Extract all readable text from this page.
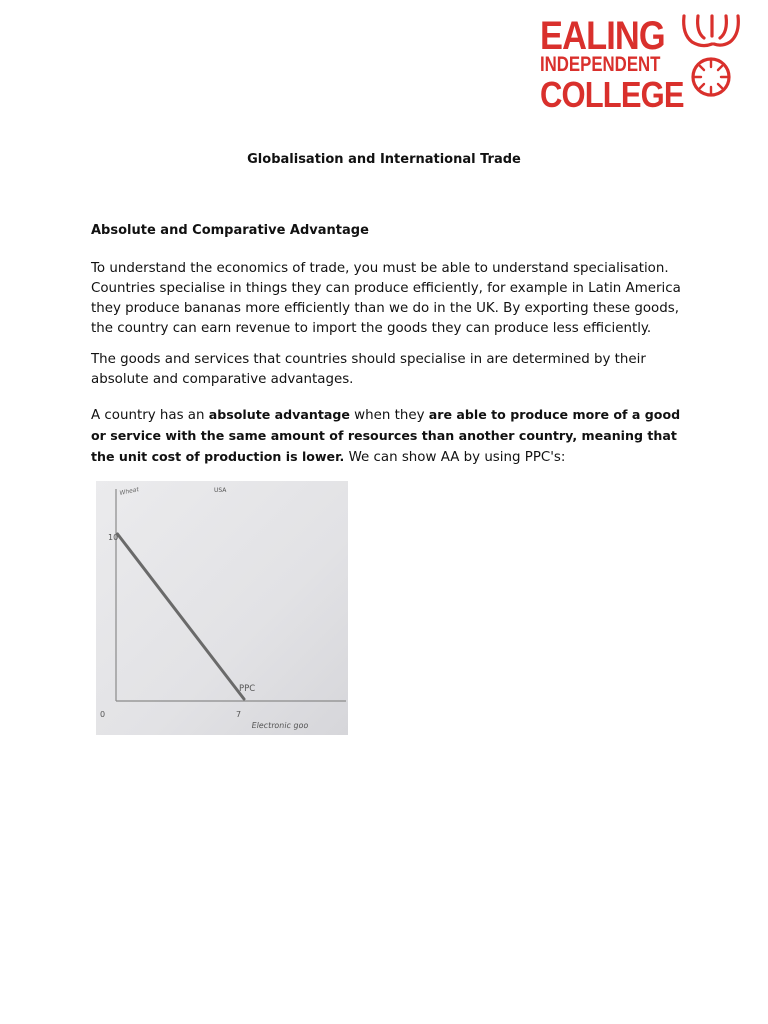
EALING
INDEPENDENT
COLLEGE
Globalisation and International Trade
Absolute and Comparative Advantage
To understand the economics of trade, you must be able to understand specialisation. Countries specialise in things they can produce efficiently, for example in Latin America they produce bananas more efficiently than we do in the UK. By exporting these goods, the country can earn revenue to import the goods they can produce less efficiently.
The goods and services that countries should specialise in are determined by their absolute and comparative advantages.
A country has an absolute advantage when they are able to produce more of a good or service with the same amount of resources than another country, meaning that the unit cost of production is lower. We can show AA by using PPC's:
USA
Wheat
Electronic goo
10
0	7
PPC
